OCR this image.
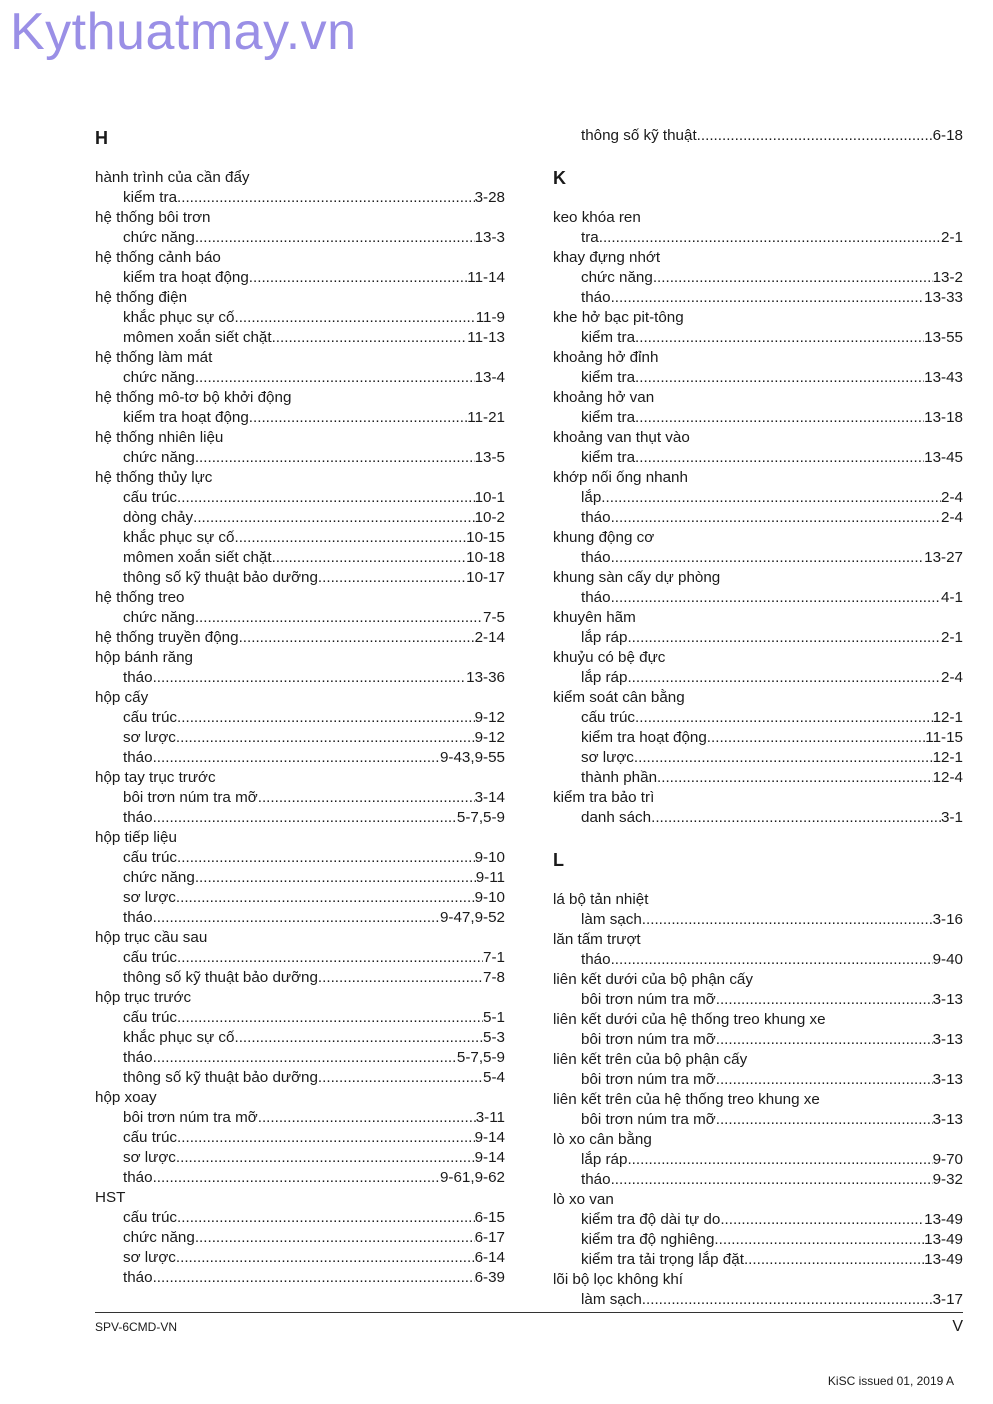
Kythuatmay.vn
H
hành trình của cần đẩy
kiểm tra .....	3-28
hệ thống bôi trơn
chức năng .....	13-3
hệ thống cảnh báo
kiểm tra hoạt động .....	11-14
hệ thống điện
khắc phục sự cố .....	11-9
mômen xoắn siết chặt .....	11-13
hệ thống làm mát
chức năng .....	13-4
hệ thống mô-tơ bộ khởi động
kiểm tra hoạt động .....	11-21
hệ thống nhiên liệu
chức năng .....	13-5
hệ thống thủy lực
cấu trúc .....	10-1
dòng chảy .....	10-2
khắc phục sự cố .....	10-15
mômen xoắn siết chặt .....	10-18
thông số kỹ thuật bảo dưỡng .....	10-17
hệ thống treo
chức năng .....	7-5
hệ thống truyền động .....	2-14
hộp bánh răng
tháo .....	13-36
hộp cấy
cấu trúc .....	9-12
sơ lược .....	9-12
tháo .....	9-43,9-55
hộp tay trục trước
bôi trơn núm tra mỡ .....	3-14
tháo .....	5-7,5-9
hộp tiếp liệu
cấu trúc .....	9-10
chức năng .....	9-11
sơ lược .....	9-10
tháo .....	9-47,9-52
hộp trục cầu sau
cấu trúc .....	7-1
thông số kỹ thuật bảo dưỡng .....	7-8
hộp trục trước
cấu trúc .....	5-1
khắc phục sự cố .....	5-3
tháo .....	5-7,5-9
thông số kỹ thuật bảo dưỡng .....	5-4
hộp xoay
bôi trơn núm tra mỡ .....	3-11
cấu trúc .....	9-14
sơ lược .....	9-14
tháo .....	9-61,9-62
HST
cấu trúc .....	6-15
chức năng .....	6-17
sơ lược .....	6-14
tháo .....	6-39
thông số kỹ thuật .....	6-18
K
keo khóa ren
tra .....	2-1
khay đựng nhớt
chức năng .....	13-2
tháo .....	13-33
khe hở bạc pit-tông
kiểm tra .....	13-55
khoảng hở đỉnh
kiểm tra .....	13-43
khoảng hở van
kiểm tra .....	13-18
khoảng van thụt vào
kiểm tra .....	13-45
khớp nối ống nhanh
lắp .....	2-4
tháo .....	2-4
khung động cơ
tháo .....	13-27
khung sàn cấy dự phòng
tháo .....	4-1
khuyên hãm
lắp ráp .....	2-1
khuỷu có bệ đực
lắp ráp .....	2-4
kiểm soát cân bằng
cấu trúc .....	12-1
kiểm tra hoạt động .....	11-15
sơ lược .....	12-1
thành phần .....	12-4
kiểm tra bảo trì
danh sách .....	3-1
L
lá bộ tản nhiệt
làm sạch .....	3-16
lăn tấm trượt
tháo .....	9-40
liên kết dưới của bộ phận cấy
bôi trơn núm tra mỡ .....	3-13
liên kết dưới của hệ thống treo khung xe
bôi trơn núm tra mỡ .....	3-13
liên kết trên của bộ phận cấy
bôi trơn núm tra mỡ .....	3-13
liên kết trên của hệ thống treo khung xe
bôi trơn núm tra mỡ .....	3-13
lò xo cân bằng
lắp ráp .....	9-70
tháo .....	9-32
lò xo van
kiểm tra độ dài tự do .....	13-49
kiểm tra độ nghiêng .....	13-49
kiểm tra tải trọng lắp đặt .....	13-49
lõi bộ lọc không khí
làm sạch .....	3-17
SPV-6CMD-VN	V
KiSC issued 01, 2019 A
